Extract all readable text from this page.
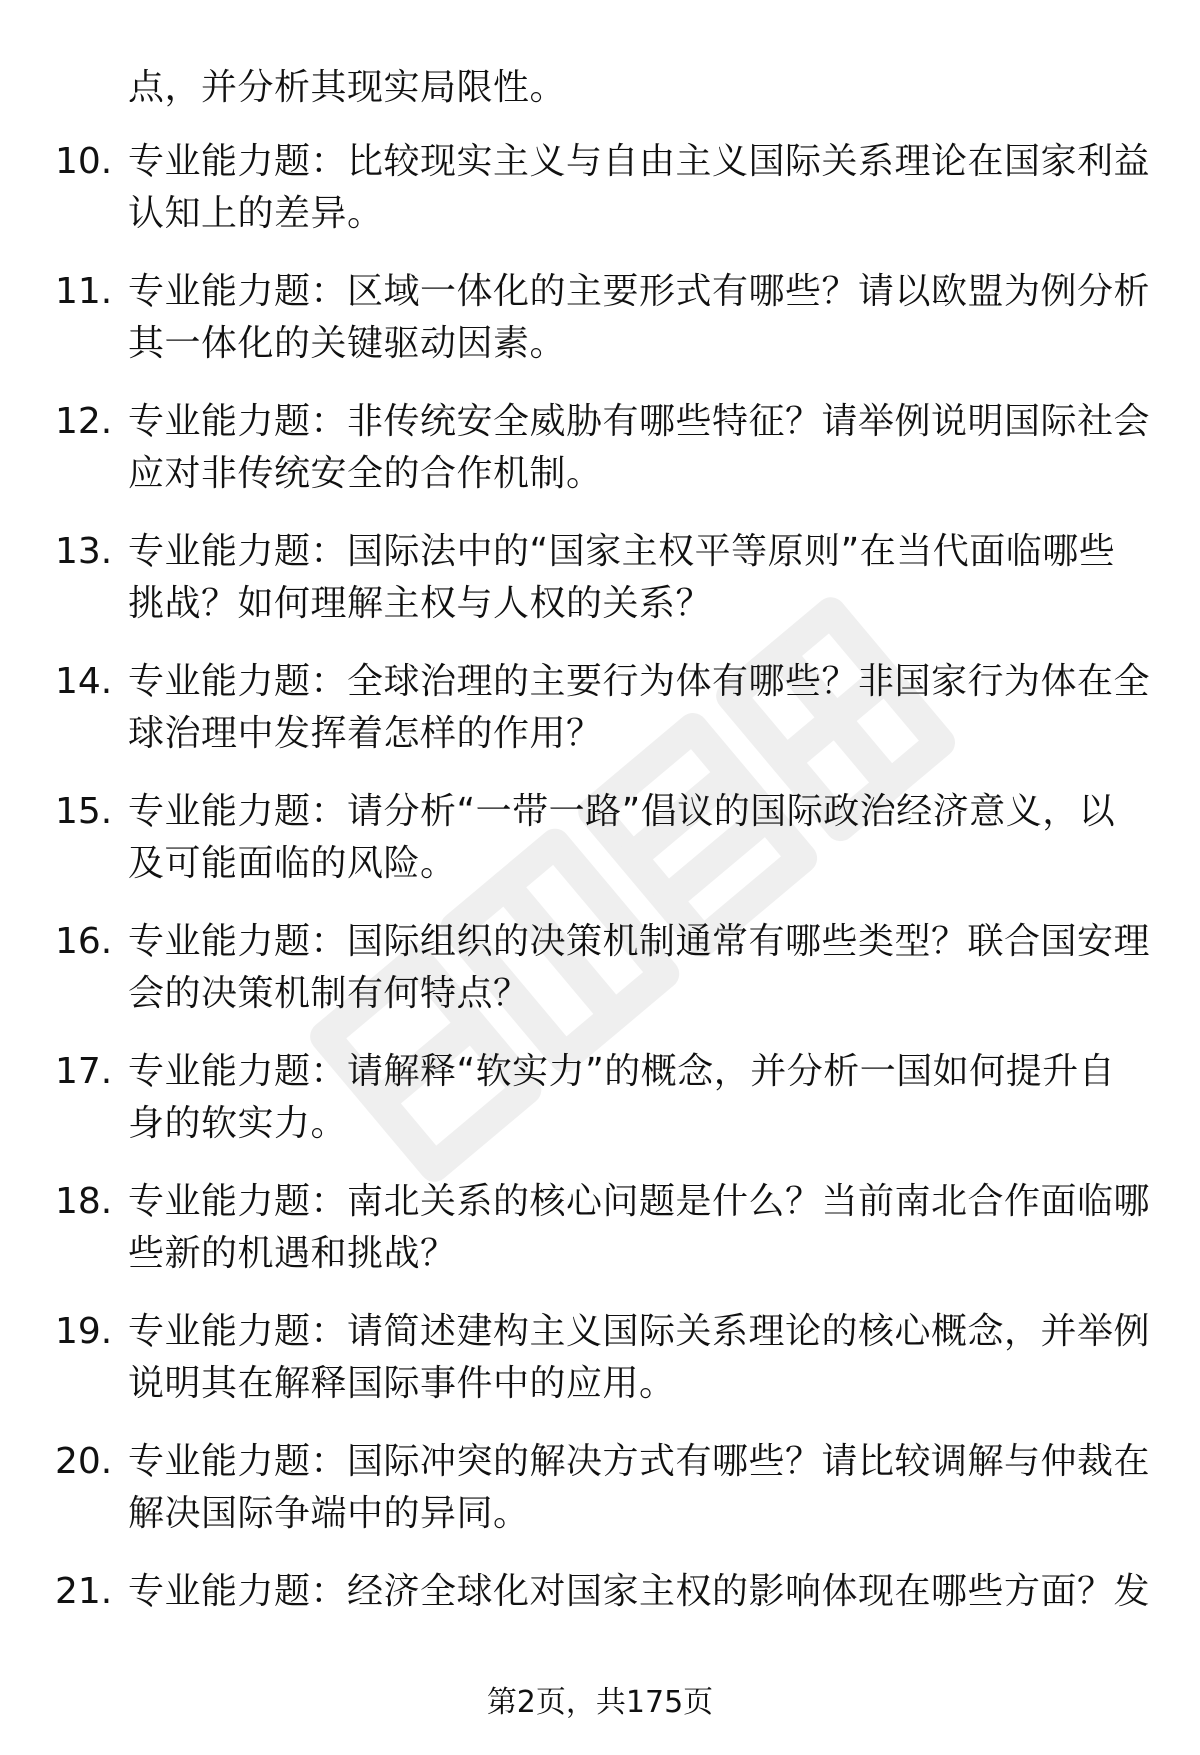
点，并分析其现实局限性。
10. 专业能力题：比较现实主义与自由主义国际关系理论在国家利益
认知上的差异。
11. 专业能力题：区域一体化的主要形式有哪些？请以欧盟为例分析
其一体化的关键驱动因素。
12. 专业能力题：非传统安全威胁有哪些特征？请举例说明国际社会
应对非传统安全的合作机制。
13. 专业能力题：国际法中的“国家主权平等原则”在当代面临哪些
挑战？如何理解主权与人权的关系？
14. 专业能力题：全球治理的主要行为体有哪些？非国家行为体在全
球治理中发挥着怎样的作用？
15. 专业能力题：请分析“一带一路”倡议的国际政治经济意义，以
及可能面临的风险。
16. 专业能力题：国际组织的决策机制通常有哪些类型？联合国安理
会的决策机制有何特点？
17. 专业能力题：请解释“软实力”的概念，并分析一国如何提升自
身的软实力。
18. 专业能力题：南北关系的核心问题是什么？当前南北合作面临哪
些新的机遇和挑战？
19. 专业能力题：请简述建构主义国际关系理论的核心概念，并举例
说明其在解释国际事件中的应用。
20. 专业能力题：国际冲突的解决方式有哪些？请比较调解与仲裁在
解决国际争端中的异同。
21. 专业能力题：经济全球化对国家主权的影响体现在哪些方面？发
第2页，共175页
